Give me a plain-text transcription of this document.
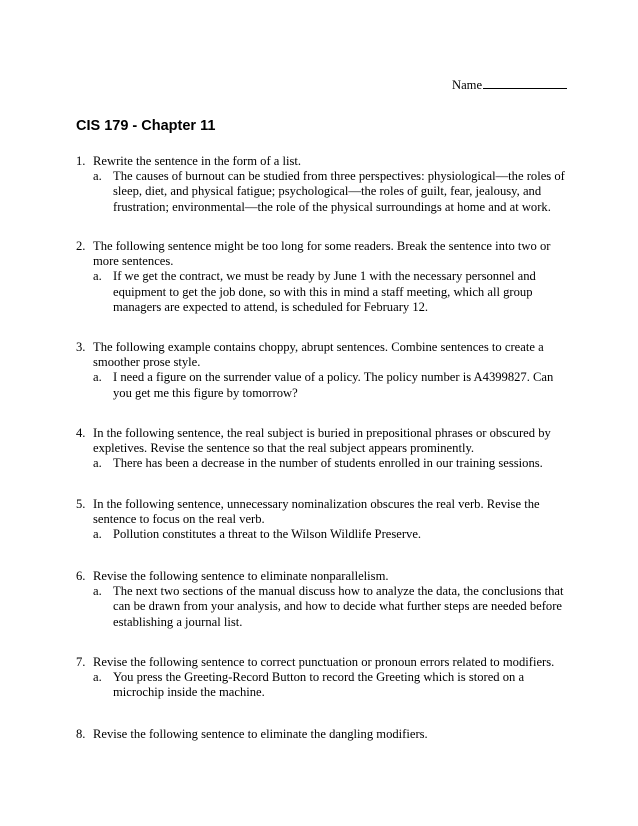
Name
CIS 179 - Chapter 11
1. Rewrite the sentence in the form of a list.
a. The causes of burnout can be studied from three perspectives: physiological—the roles of sleep, diet, and physical fatigue; psychological—the roles of guilt, fear, jealousy, and frustration; environmental—the role of the physical surroundings at home and at work.
2. The following sentence might be too long for some readers. Break the sentence into two or more sentences.
a. If we get the contract, we must be ready by June 1 with the necessary personnel and equipment to get the job done, so with this in mind a staff meeting, which all group managers are expected to attend, is scheduled for February 12.
3. The following example contains choppy, abrupt sentences. Combine sentences to create a smoother prose style.
a. I need a figure on the surrender value of a policy. The policy number is A4399827. Can you get me this figure by tomorrow?
4. In the following sentence, the real subject is buried in prepositional phrases or obscured by expletives. Revise the sentence so that the real subject appears prominently.
a. There has been a decrease in the number of students enrolled in our training sessions.
5. In the following sentence, unnecessary nominalization obscures the real verb. Revise the sentence to focus on the real verb.
a. Pollution constitutes a threat to the Wilson Wildlife Preserve.
6. Revise the following sentence to eliminate nonparallelism.
a. The next two sections of the manual discuss how to analyze the data, the conclusions that can be drawn from your analysis, and how to decide what further steps are needed before establishing a journal list.
7. Revise the following sentence to correct punctuation or pronoun errors related to modifiers.
a. You press the Greeting-Record Button to record the Greeting which is stored on a microchip inside the machine.
8. Revise the following sentence to eliminate the dangling modifiers.
